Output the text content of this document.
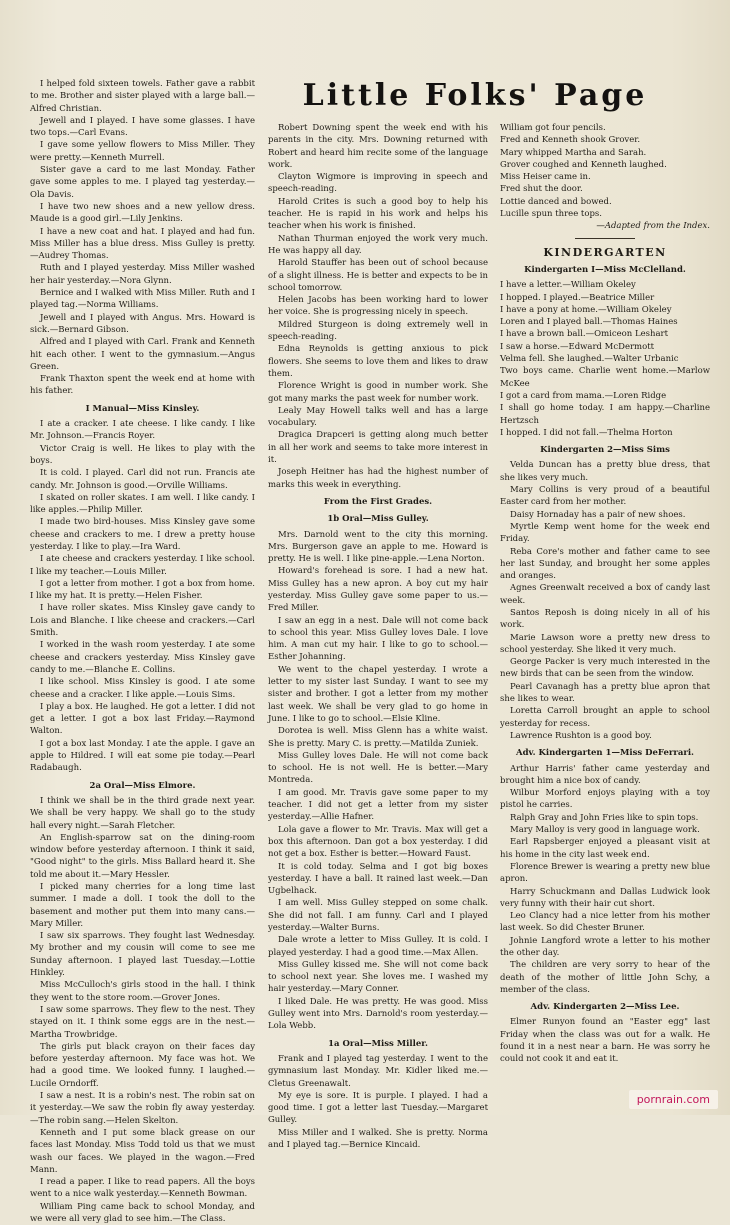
Little Folks' Page

I helped fold sixteen towels. Father gave a rabbit to me. Brother and sister played with a large ball.—Alfred Christian.

Jewell and I played. I have some glasses. I have two tops.—Carl Evans.

I gave some yellow flowers to Miss Miller. They were pretty.—Kenneth Murrell.

Sister gave a card to me last Monday. Father gave some apples to me. I played tag yesterday.—Ola Davis.

I have two new shoes and a new yellow dress. Maude is a good girl.—Lily Jenkins.

I have a new coat and hat. I played and had fun. Miss Miller has a blue dress. Miss Gulley is pretty.—Audrey Thomas.

Ruth and I played yesterday. Miss Miller washed her hair yesterday.—Nora Glynn.

Bernice and I walked with Miss Miller. Ruth and I played tag.—Norma Williams.

Jewell and I played with Angus. Mrs. Howard is sick.—Bernard Gibson.

Alfred and I played with Carl. Frank and Kenneth hit each other. I went to the gymnasium.—Angus Green.

Frank Thaxton spent the week end at home with his father.

I Manual—Miss Kinsley.

I ate a cracker. I ate cheese. I like candy. I like Mr. Johnson.—Francis Royer.

Victor Craig is well. He likes to play with the boys.

It is cold. I played. Carl did not run. Francis ate candy. Mr. Johnson is good.—Orville Williams.

I skated on roller skates. I am well. I like candy. I like apples.—Philip Miller.

I made two bird-houses. Miss Kinsley gave some cheese and crackers to me. I drew a pretty house yesterday. I like to play.—Ira Ward.

I ate cheese and crackers yesterday. I like school. I like my teacher.—Louis Miller.

I got a letter from mother. I got a box from home. I like my hat. It is pretty.—Helen Fisher.

I have roller skates. Miss Kinsley gave candy to Lois and Blanche. I like cheese and crackers.—Carl Smith.

I worked in the wash room yesterday. I ate some cheese and crackers yesterday. Miss Kinsley gave candy to me.—Blanche E. Collins.

I like school. Miss Kinsley is good. I ate some cheese and a cracker. I like apple.—Louis Sims.

I play a box. He laughed. He got a letter. I did not get a letter. I got a box last Friday.—Raymond Walton.

I got a box last Monday. I ate the apple. I gave an apple to Hildred. I will eat some pie today.—Pearl Radabaugh.

2a Oral—Miss Elmore.

I think we shall be in the third grade next year. We shall be very happy. We shall go to the study hall every night.—Sarah Fletcher.

An English-sparrow sat on the dining-room window before yesterday afternoon. I think it said, "Good night" to the girls. Miss Ballard heard it. She told me about it.—Mary Hessler.

I picked many cherries for a long time last summer. I made a doll. I took the doll to the basement and mother put them into many cans.—Mary Miller.

I saw six sparrows. They fought last Wednesday. My brother and my cousin will come to see me Sunday afternoon. I played last Tuesday.—Lottie Hinkley.

Miss McCulloch's girls stood in the hall. I think they went to the store room.—Grover Jones.

I saw some sparrows. They flew to the nest. They stayed on it. I think some eggs are in the nest.—Martha Trowbridge.

The girls put black crayon on their faces day before yesterday afternoon. My face was hot. We had a good time. We looked funny. I laughed.—Lucile Orndorff.

I saw a nest. It is a robin's nest. The robin sat on it yesterday.—We saw the robin fly away yesterday.—The robin sang.—Helen Skelton.

Kenneth and I put some black grease on our faces last Monday. Miss Todd told us that we must wash our faces. We played in the wagon.—Fred Mann.

I read a paper. I like to read papers. All the boys went to a nice walk yesterday.—Kenneth Bowman.

William Ping came back to school Monday, and we were all very glad to see him.—The Class.

Robert Downing spent the week end with his parents in the city. Mrs. Downing returned with Robert and heard him recite some of the language work.

Clayton Wigmore is improving in speech and speech-reading.

Harold Crites is such a good boy to help his teacher. He is rapid in his work and helps his teacher when his work is finished.

Nathan Thurman enjoyed the work very much. He was happy all day.

Harold Stauffer has been out of school because of a slight illness. He is better and expects to be in school tomorrow.

Helen Jacobs has been working hard to lower her voice. She is progressing nicely in speech.

Mildred Sturgeon is doing extremely well in speech-reading.

Edna Reynolds is getting anxious to pick flowers. She seems to love them and likes to draw them.

Florence Wright is good in number work. She got many marks the past week for number work.

Lealy May Howell talks well and has a large vocabulary.

Dragica Drapceri is getting along much better in all her work and seems to take more interest in it.

Joseph Heitner has had the highest number of marks this week in everything.

From the First Grades.

1b Oral—Miss Gulley.

Mrs. Darnold went to the city this morning. Mrs. Burgerson gave an apple to me. Howard is pretty. He is well. I like pine-apple.—Lena Norton.

Howard's forehead is sore. I had a new hat. Miss Gulley has a new apron. A boy cut my hair yesterday. Miss Gulley gave some paper to us.—Fred Miller.

I saw an egg in a nest. Dale will not come back to school this year. Miss Gulley loves Dale. I love him. A man cut my hair. I like to go to school.—Esther Johanning.

We went to the chapel yesterday. I wrote a letter to my sister last Sunday. I want to see my sister and brother. I got a letter from my mother last week. We shall be very glad to go home in June. I like to go to school.—Elsie Kline.

Dorotea is well. Miss Glenn has a white waist. She is pretty. Mary C. is pretty.—Matilda Zuniek.

Miss Gulley loves Dale. He will not come back to school. He is not well. He is better.—Mary Montreda.

I am good. Mr. Travis gave some paper to my teacher. I did not get a letter from my sister yesterday.—Allie Hafner.

Lola gave a flower to Mr. Travis. Max will get a box this afternoon. Dan got a box yesterday. I did not get a box. Esther is better.—Howard Faust.

It is cold today. Selma and I got big boxes yesterday. I have a ball. It rained last week.—Dan Ugbelhack.

I am well. Miss Gulley stepped on some chalk. She did not fall. I am funny. Carl and I played yesterday.—Walter Burns.

Dale wrote a letter to Miss Gulley. It is cold. I played yesterday. I had a good time.—Max Allen.

Miss Gulley kissed me. She will not come back to school next year. She loves me. I washed my hair yesterday.—Mary Conner.

I liked Dale. He was pretty. He was good. Miss Gulley went into Mrs. Darnold's room yesterday.—Lola Webb.

1a Oral—Miss Miller.

Frank and I played tag yesterday. I went to the gymnasium last Monday. Mr. Kidler liked me.—Cletus Greenawalt.

My eye is sore. It is purple. I played. I had a good time. I got a letter last Tuesday.—Margaret Gulley.

Miss Miller and I walked. She is pretty. Norma and I played tag.—Bernice Kincaid.

William got four pencils.

Fred and Kenneth shook Grover.

Mary whipped Martha and Sarah.

Grover coughed and Kenneth laughed.

Miss Heiser came in.

Fred shut the door.

Lottie danced and bowed.

Lucille spun three tops.

—Adapted from the Index.

KINDERGARTEN

Kindergarten I—Miss McClelland.

I have a letter.—William Okeley

I hopped. I played.—Beatrice Miller

I have a pony at home.—William Okeley

Loren and I played ball.—Thomas Haines

I have a brown ball.—Omiceon Leshart

I saw a horse.—Edward McDermott

Velma fell. She laughed.—Walter Urbanic

Two boys came. Charlie went home.—Marlow McKee

I got a card from mama.—Loren Ridge

I shall go home today. I am happy.—Charline Hertzsch

I hopped. I did not fall.—Thelma Horton

Kindergarten 2—Miss Sims

Velda Duncan has a pretty blue dress, that she likes very much.

Mary Collins is very proud of a beautiful Easter card from her mother.

Daisy Hornaday has a pair of new shoes.

Myrtle Kemp went home for the week end Friday.

Reba Core's mother and father came to see her last Sunday, and brought her some apples and oranges.

Agnes Greenwalt received a box of candy last week.

Santos Reposh is doing nicely in all of his work.

Marie Lawson wore a pretty new dress to school yesterday. She liked it very much.

George Packer is very much interested in the new birds that can be seen from the window.

Pearl Cavanagh has a pretty blue apron that she likes to wear.

Loretta Carroll brought an apple to school yesterday for recess.

Lawrence Rushton is a good boy.

Adv. Kindergarten 1—Miss DeFerrari.

Arthur Harris' father came yesterday and brought him a nice box of candy.

Wilbur Morford enjoys playing with a toy pistol he carries.

Ralph Gray and John Fries like to spin tops.

Mary Malloy is very good in language work.

Earl Rapsberger enjoyed a pleasant visit at his home in the city last week end.

Florence Brewer is wearing a pretty new blue apron.

Harry Schuckmann and Dallas Ludwick look very funny with their hair cut short.

Leo Clancy had a nice letter from his mother last week. So did Chester Bruner.

Johnie Langford wrote a letter to his mother the other day.

The children are very sorry to hear of the death of the mother of little John Schy, a member of the class.

Adv. Kindergarten 2—Miss Lee.

Elmer Runyon found an "Easter egg" last Friday when the class was out for a walk. He found it in a nest near a barn. He was sorry he could not cook it and eat it.

pornrain.com
